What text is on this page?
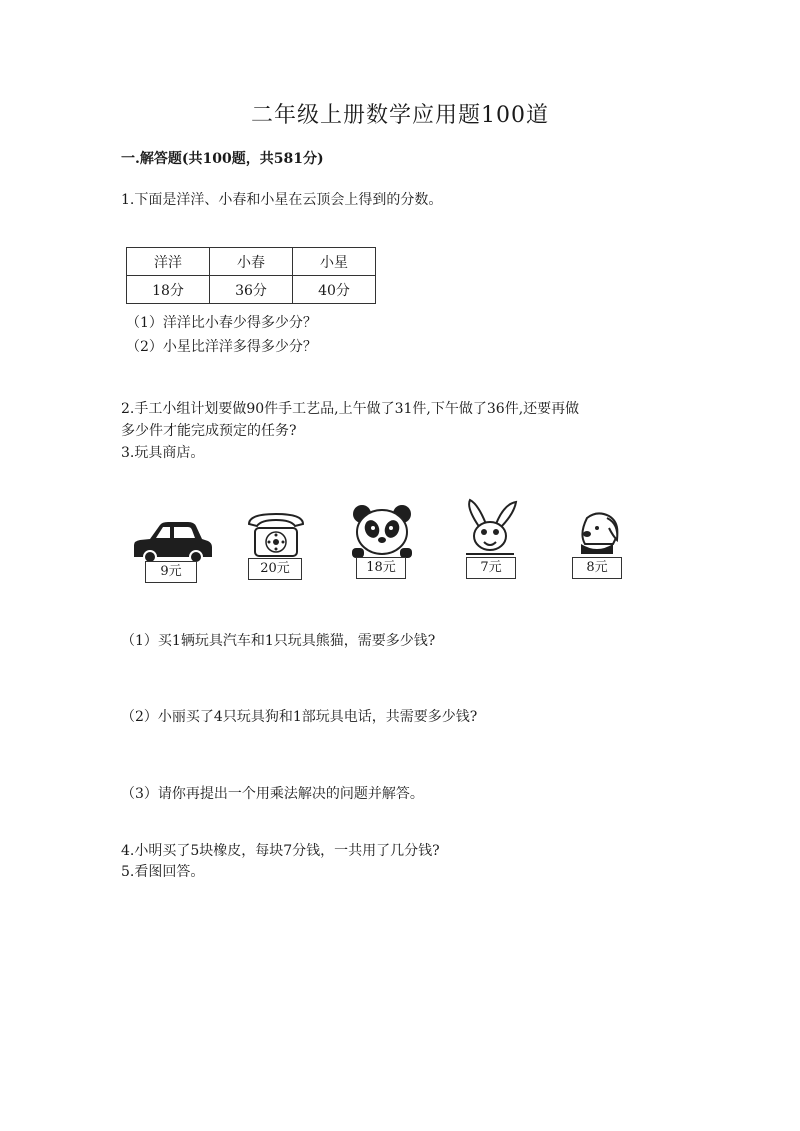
二年级上册数学应用题100道
一.解答题(共100题，共581分)
1.下面是洋洋、小春和小星在云顶会上得到的分数。
洋洋	小春	小星
18分	36分	40分
（1）洋洋比小春少得多少分？
（2）小星比洋洋多得多少分？
2.手工小组计划要做90件手工艺品,上午做了31件,下午做了36件,还要再做
多少件才能完成预定的任务?
3.玩具商店。
9元	20元	18元	7元	8元
（1）买1辆玩具汽车和1只玩具熊猫，需要多少钱?
（2）小丽买了4只玩具狗和1部玩具电话，共需要多少钱?
（3）请你再提出一个用乘法解决的问题并解答。
4.小明买了5块橡皮，每块7分钱，一共用了几分钱?
5.看图回答。
